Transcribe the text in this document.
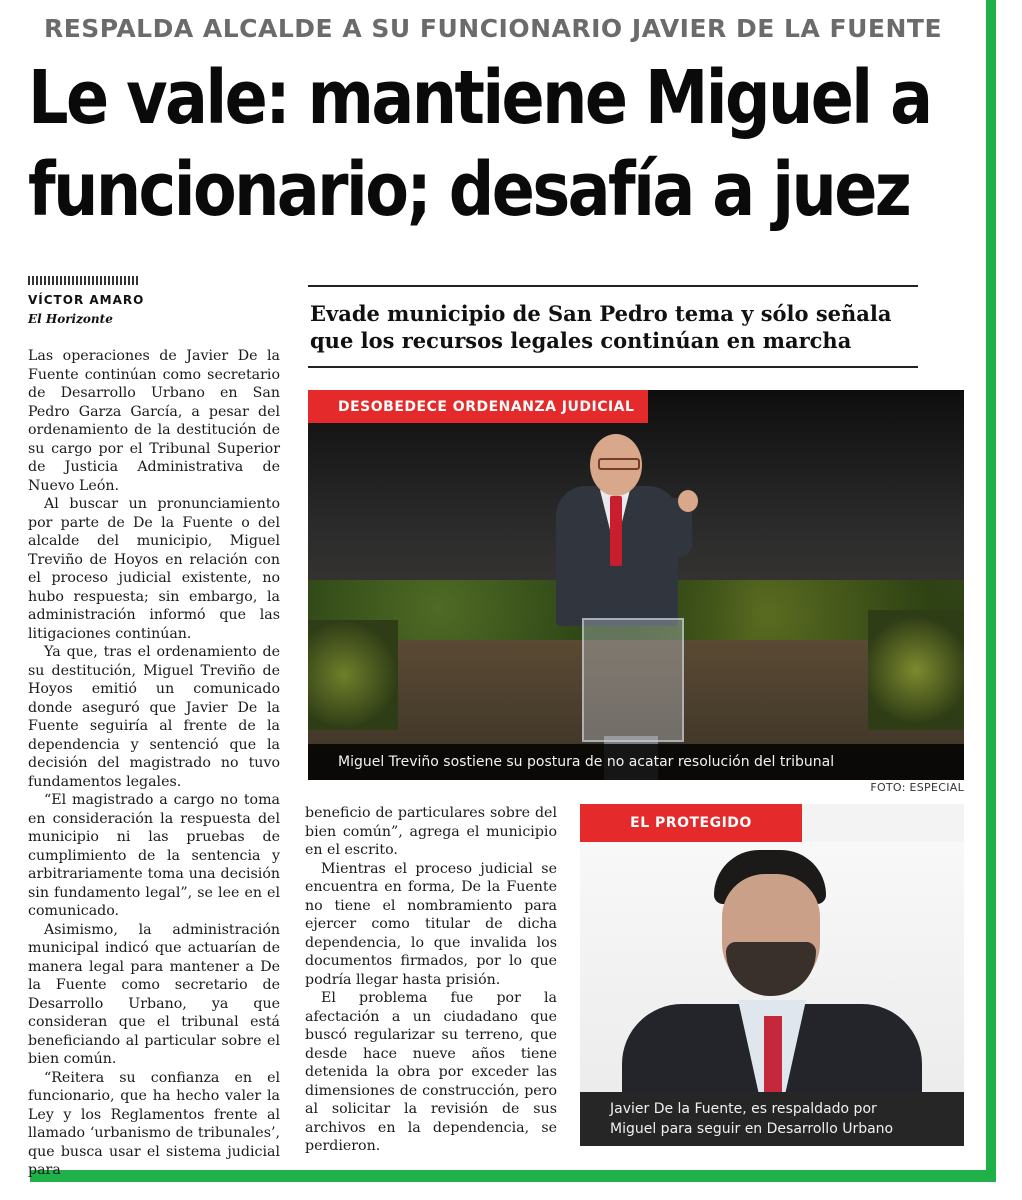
RESPALDA ALCALDE A SU FUNCIONARIO JAVIER DE LA FUENTE
Le vale: mantiene Miguel a
funcionario; desafía a juez
VÍCTOR AMARO
El Horizonte	Evade municipio de San Pedro tema y sólo señala
que los recursos legales continúan en marcha

Las operaciones de Javier De la Fuente continúan como secretario de Desarrollo Urbano en San Pedro Garza García, a pesar del ordenamiento de la destitución de su cargo por el Tribunal Superior de Justicia Administrativa de Nuevo León.

Al buscar un pronunciamiento por parte de De la Fuente o del alcalde del municipio, Miguel Treviño de Hoyos en relación con el proceso judicial existente, no hubo respuesta; sin embargo, la administración informó que las litigaciones continúan.

Ya que, tras el ordenamiento de su destitución, Miguel Treviño de Hoyos emitió un comunicado donde aseguró que Javier De la Fuente seguiría al frente de la dependencia y sentenció que la decisión del magistrado no tuvo fundamentos legales.

“El magistrado a cargo no toma en consideración la respuesta del municipio ni las pruebas de cumplimiento de la sentencia y arbitrariamente toma una decisión sin fundamento legal”, se lee en el comunicado.

Asimismo, la administración municipal indicó que actuarían de manera legal para mantener a De la Fuente como secretario de Desarrollo Urbano, ya que consideran que el tribunal está beneficiando al particular sobre el bien común.

“Reitera su confianza en el funcionario, que ha hecho valer la Ley y los Reglamentos frente al llamado ‘urbanismo de tribunales’, que busca usar el sistema judicial para

DESOBEDECE ORDENANZA JUDICIAL
Miguel Treviño sostiene su postura de no acatar resolución del tribunal
FOTO: ESPECIAL

beneficio de particulares sobre del bien común”, agrega el municipio en el escrito.

Mientras el proceso judicial se encuentra en forma, De la Fuente no tiene el nombramiento para ejercer como titular de dicha dependencia, lo que invalida los documentos firmados, por lo que podría llegar hasta prisión.

El problema fue por la afectación a un ciudadano que buscó regularizar su terreno, que desde hace nueve años tiene detenida la obra por exceder las dimensiones de construcción, pero al solicitar la revisión de sus archivos en la dependencia, se perdieron.

EL PROTEGIDO
Javier De la Fuente, es respaldado por
Miguel para seguir en Desarrollo Urbano
